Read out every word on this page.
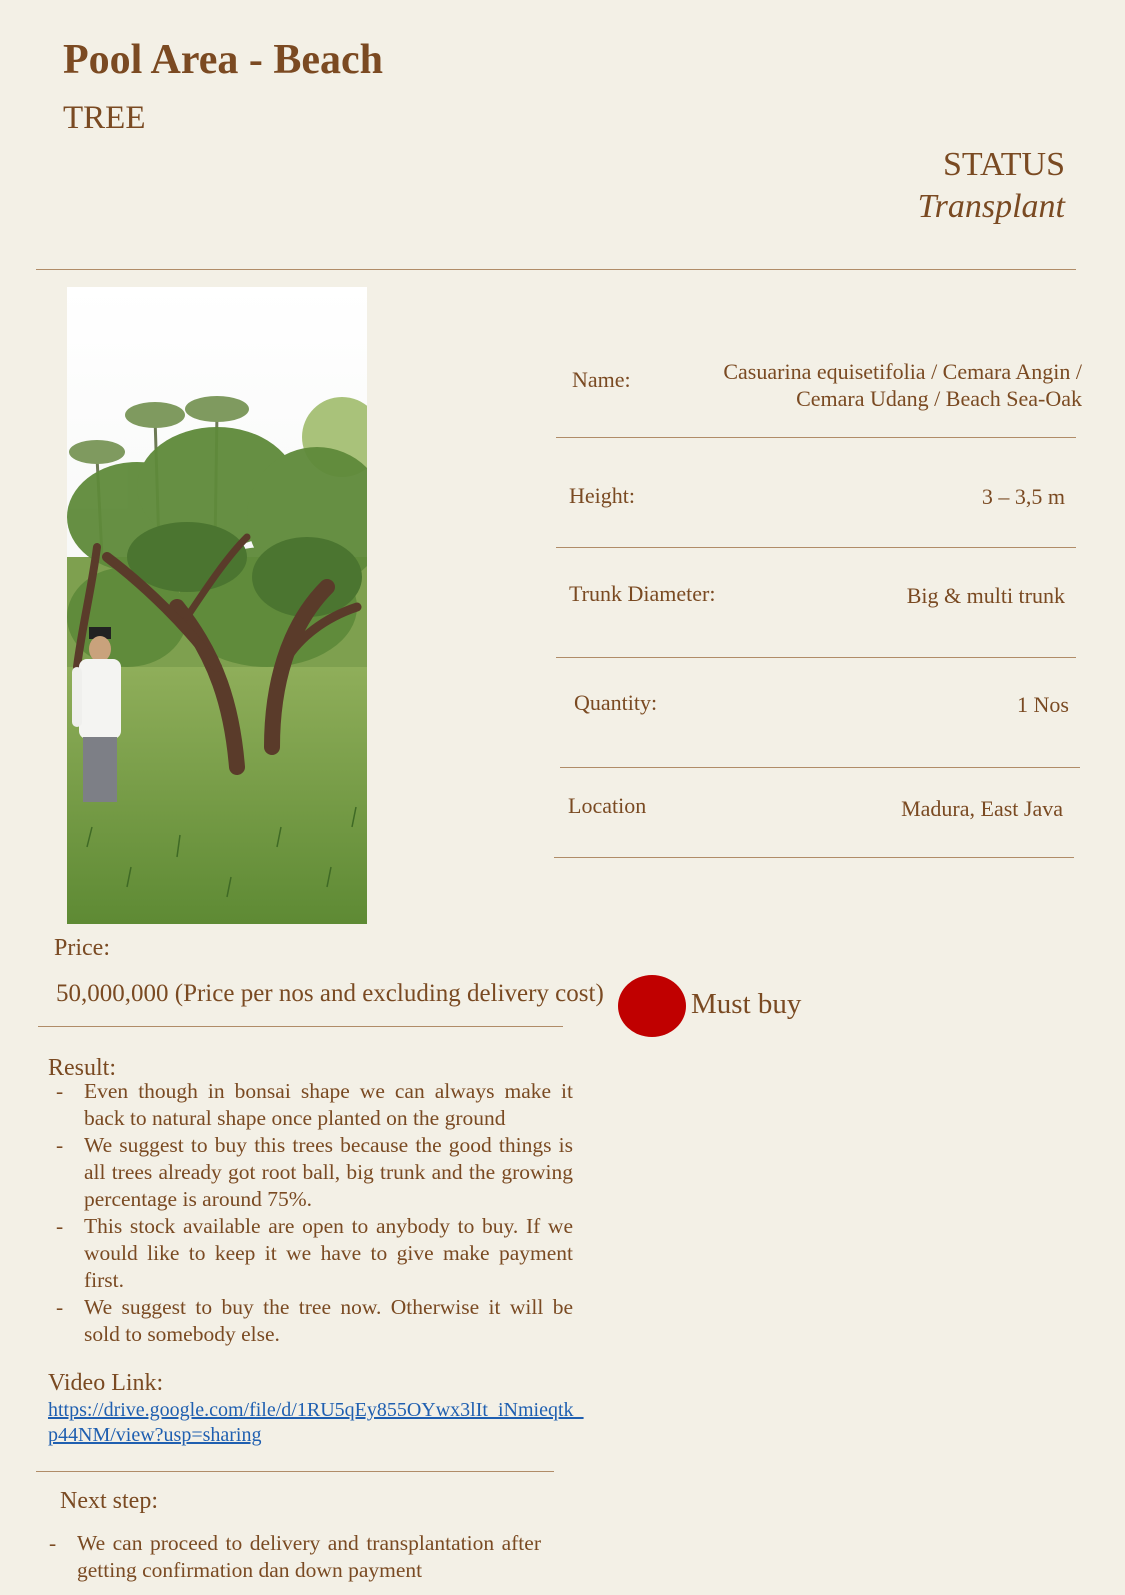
Pool Area - Beach
TREE
STATUS
Transplant
Name:	Casuarina equisetifolia / Cemara Angin /
Cemara Udang / Beach Sea-Oak
Height:	3 – 3,5 m
Trunk Diameter:	Big & multi trunk
Quantity:	1 Nos
Location	Madura, East Java
Price:
50,000,000 (Price per nos and excluding delivery cost)	Must buy
Result:
- Even though in bonsai shape we can always make it back to natural shape once planted on the ground
- We suggest to buy this trees because the good things is all trees already got root ball, big trunk and the growing percentage is around 75%.
- This stock available are open to anybody to buy. If we would like to keep it we have to give make payment first.
- We suggest to buy the tree now. Otherwise it will be sold to somebody else.
Video Link:
https://drive.google.com/file/d/1RU5qEy855OYwx3lIt_iNmieqtk_p44NM/view?usp=sharing
Next step:
- We can proceed to delivery and transplantation after getting confirmation dan down payment
